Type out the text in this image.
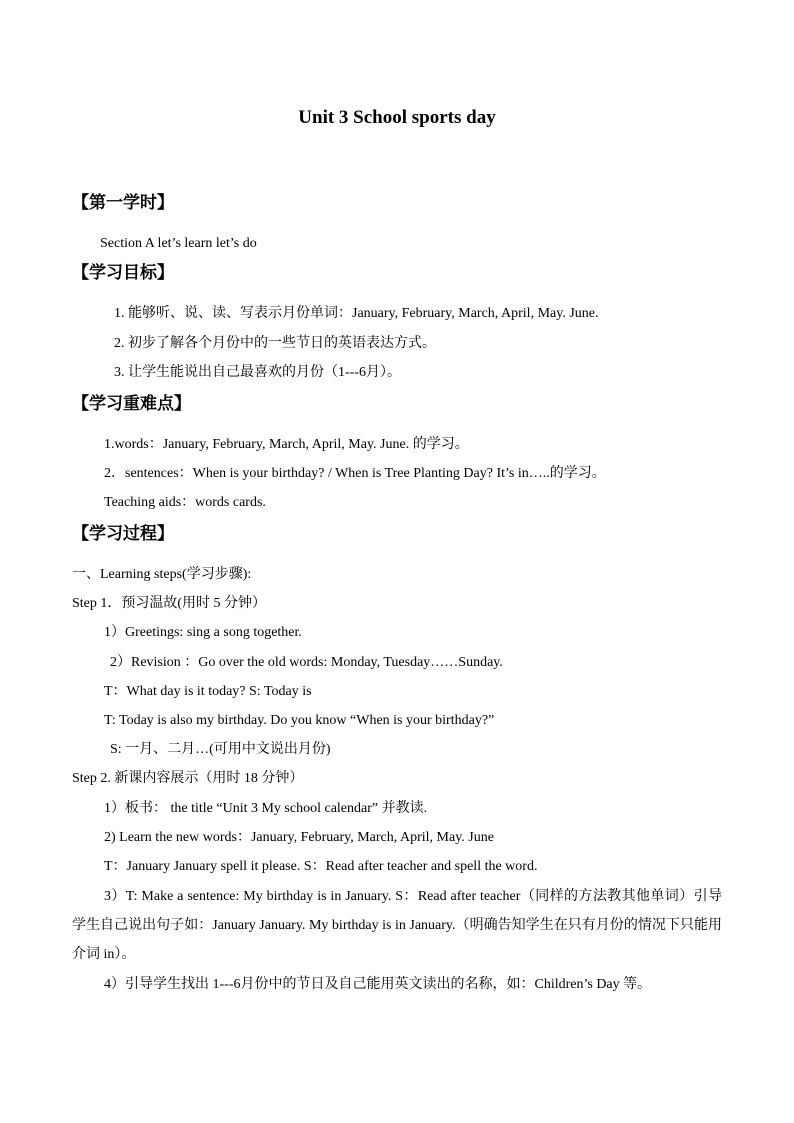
Unit 3 School sports day
【第一学时】
Section A let’s learn let’s do
【学习目标】
1. 能够听、说、读、写表示月份单词：January, February, March, April, May. June.
2. 初步了解各个月份中的一些节日的英语表达方式。
3. 让学生能说出自己最喜欢的月份（1---6月）。
【学习重难点】
1.words：January, February, March, April, May. June. 的学习。
2．sentences：When is your birthday? / When is Tree Planting Day? It’s in…..的学习。
Teaching aids：words cards.
【学习过程】
一、Learning steps(学习步骤):
Step 1．预习温故(用时 5 分钟）
1）Greetings: sing a song together.
2）Revision ：Go over the old words: Monday, Tuesday……Sunday.
T：What day is it today? S: Today is
T: Today is also my birthday. Do you know “When is your birthday?”
S: 一月、二月…(可用中文说出月份)
Step 2. 新课内容展示（用时 18 分钟）
1）板书： the title “Unit 3 My school calendar” 并教读.
2) Learn the new words：January, February, March, April, May. June
T：January January spell it please. S：Read after teacher and spell the word.
3）T: Make a sentence: My birthday is in January. S：Read after teacher（同样的方法教其他单词）引导学生自己说出句子如：January January. My birthday is in January.（明确告知学生在只有月份的情况下只能用介词 in）。
4）引导学生找出 1---6月份中的节日及自己能用英文读出的名称，如：Children’s Day 等。
